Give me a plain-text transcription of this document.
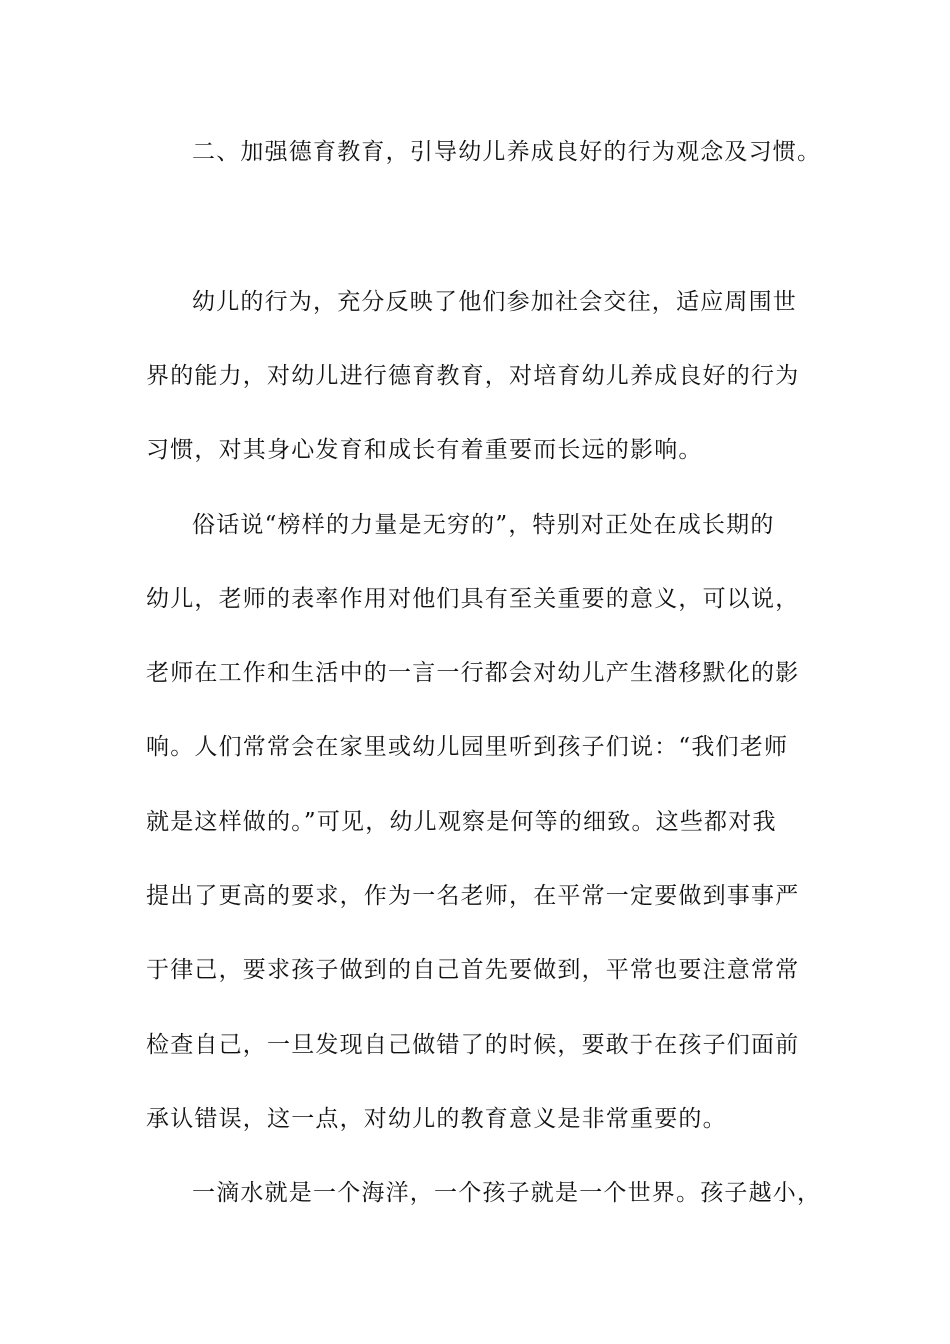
二、加强德育教育，引导幼儿养成良好的行为观念及习惯。
幼儿的行为，充分反映了他们参加社会交往，适应周围世
界的能力，对幼儿进行德育教育，对培育幼儿养成良好的行为
习惯，对其身心发育和成长有着重要而长远的影响。
俗话说“榜样的力量是无穷的”，特别对正处在成长期的
幼儿，老师的表率作用对他们具有至关重要的意义，可以说，
老师在工作和生活中的一言一行都会对幼儿产生潜移默化的影
响。人们常常会在家里或幼儿园里听到孩子们说：“我们老师
就是这样做的。”可见，幼儿观察是何等的细致。这些都对我
提出了更高的要求，作为一名老师，在平常一定要做到事事严
于律己，要求孩子做到的自己首先要做到，平常也要注意常常
检查自己，一旦发现自己做错了的时候，要敢于在孩子们面前
承认错误，这一点，对幼儿的教育意义是非常重要的。
一滴水就是一个海洋，一个孩子就是一个世界。孩子越小，
